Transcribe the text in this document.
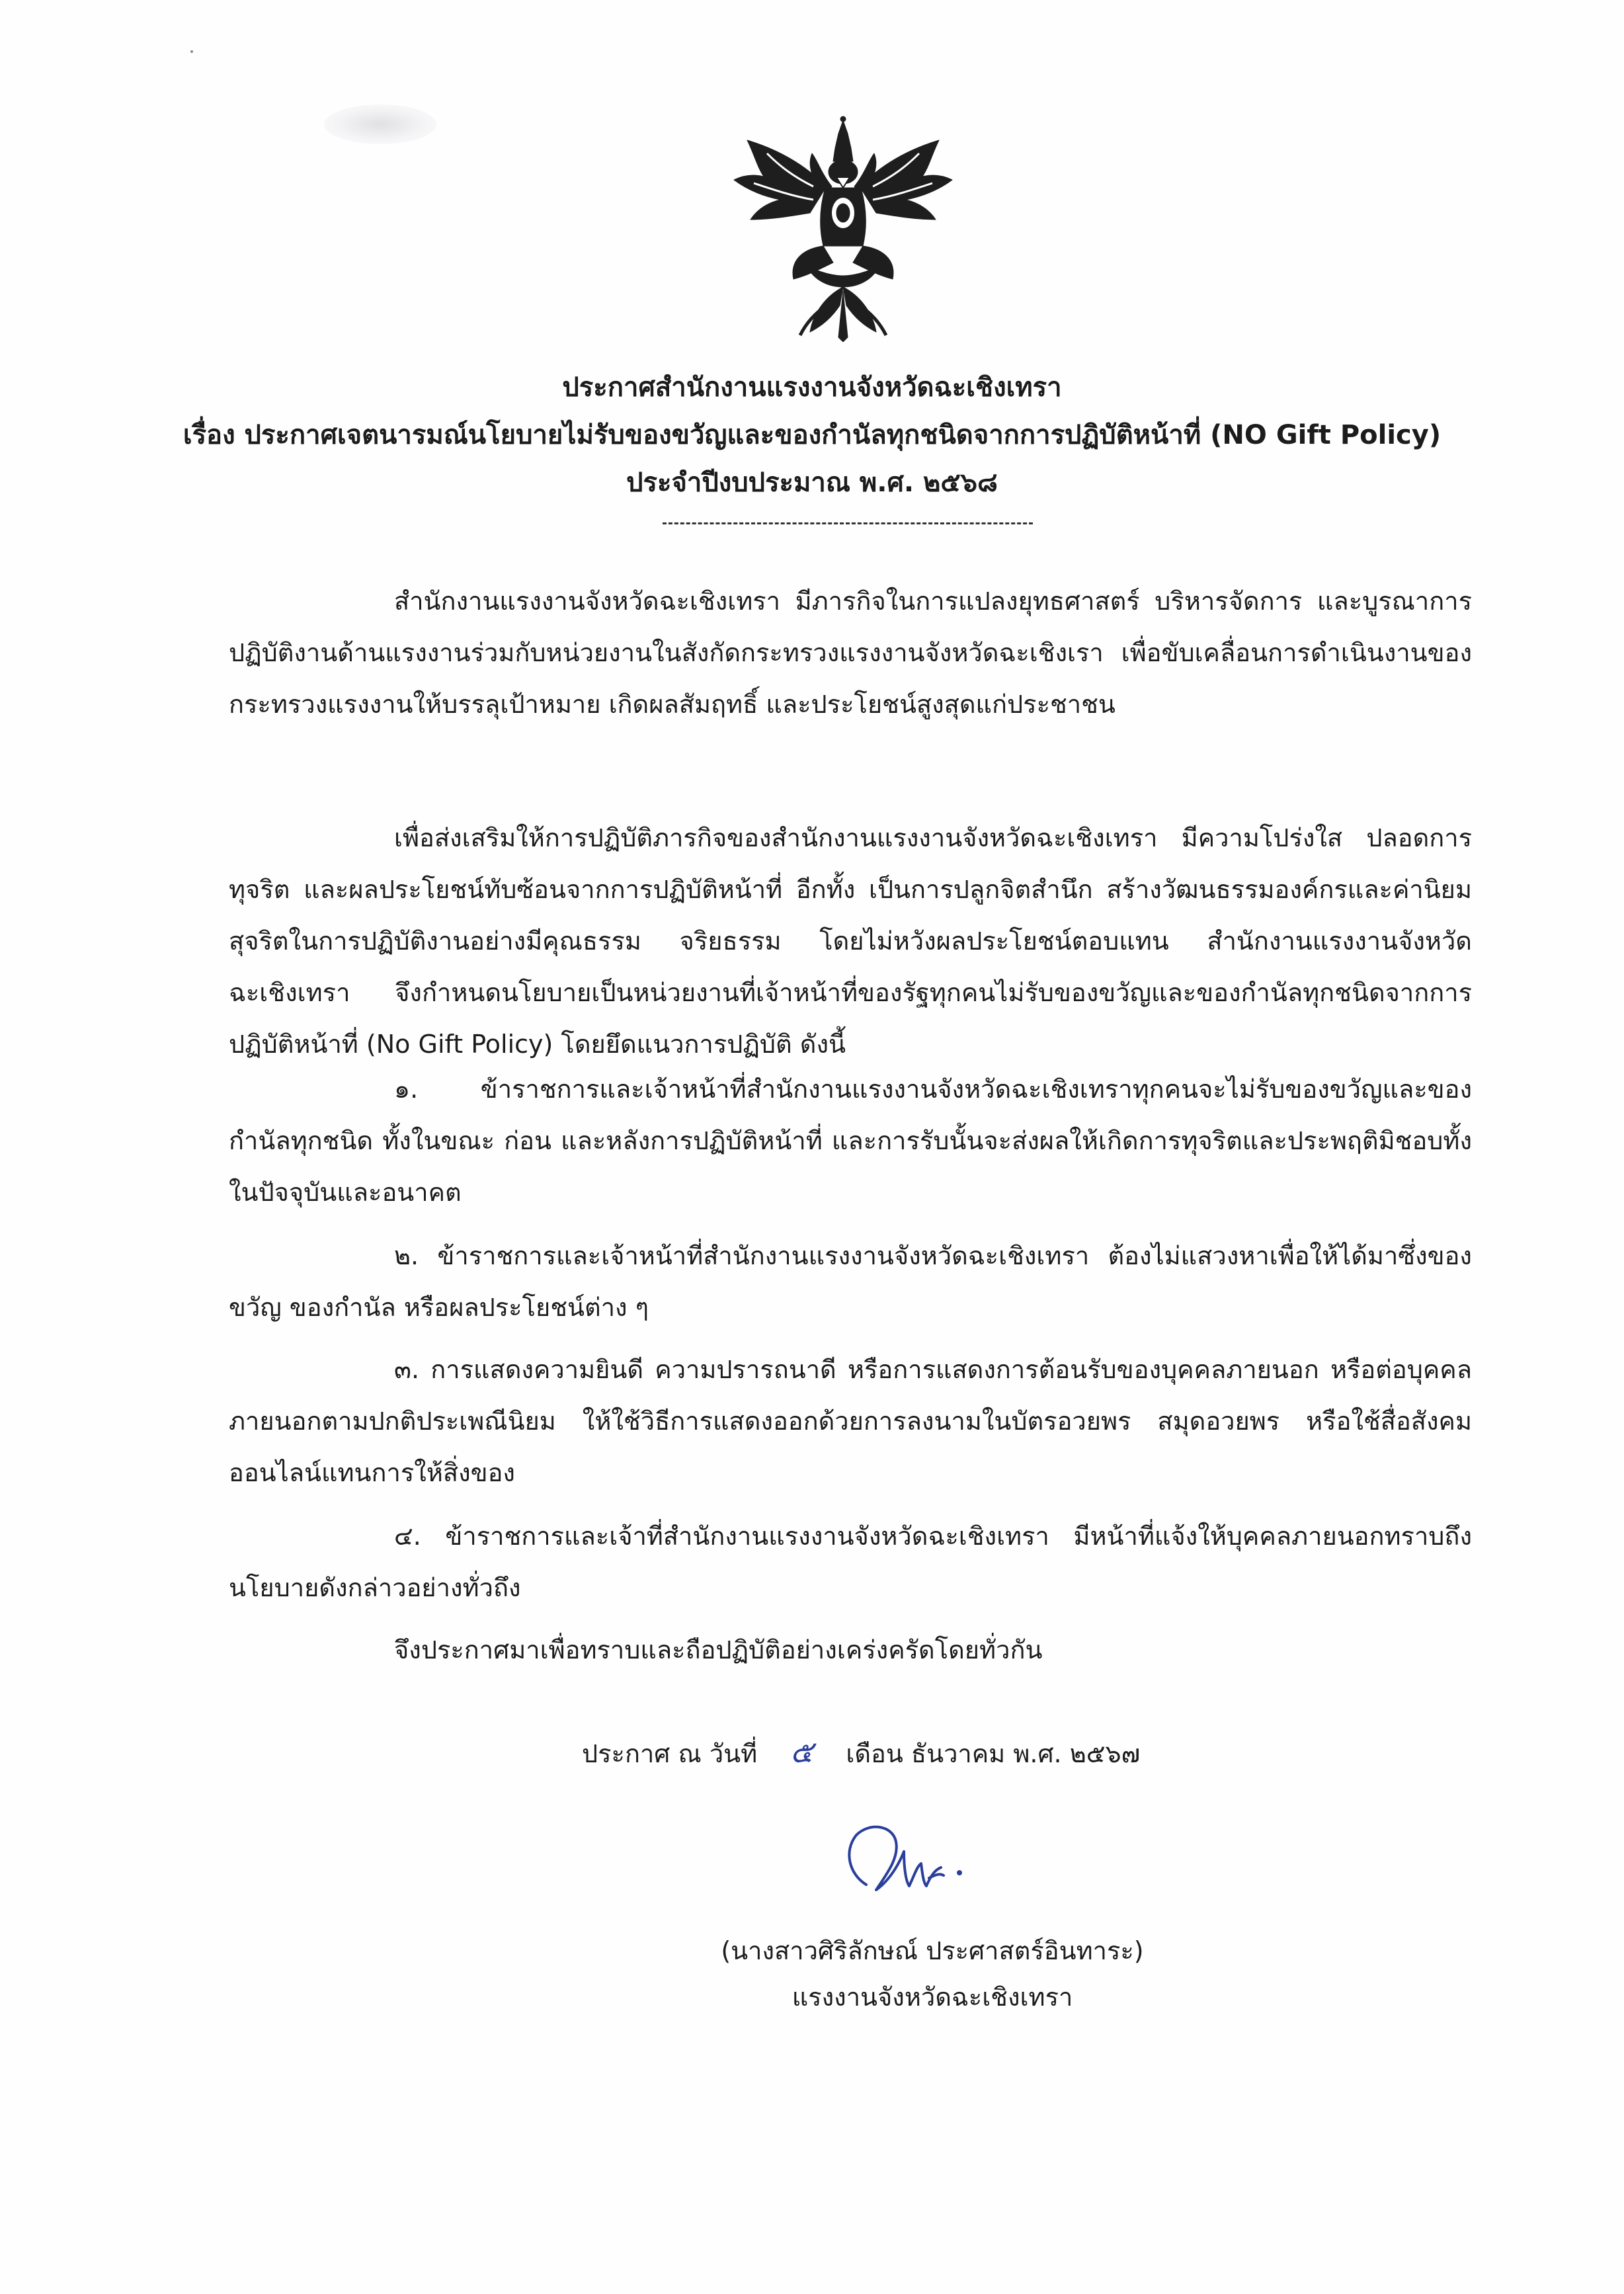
ประกาศสำนักงานแรงงานจังหวัดฉะเชิงเทรา
เรื่อง ประกาศเจตนารมณ์นโยบายไม่รับของขวัญและของกำนัลทุกชนิดจากการปฏิบัติหน้าที่ (NO Gift Policy)
ประจำปีงบประมาณ พ.ศ. ๒๕๖๘
สำนักงานแรงงานจังหวัดฉะเชิงเทรา มีภารกิจในการแปลงยุทธศาสตร์ บริหารจัดการ และบูรณาการ ปฏิบัติงานด้านแรงงานร่วมกับหน่วยงานในสังกัดกระทรวงแรงงานจังหวัดฉะเชิงเรา เพื่อขับเคลื่อนการดำเนินงานของกระทรวงแรงงานให้บรรลุเป้าหมาย เกิดผลสัมฤทธิ์ และประโยชน์สูงสุดแก่ประชาชน
เพื่อส่งเสริมให้การปฏิบัติภารกิจของสำนักงานแรงงานจังหวัดฉะเชิงเทรา มีความโปร่งใส ปลอดการทุจริต และผลประโยชน์ทับซ้อนจากการปฏิบัติหน้าที่ อีกทั้ง เป็นการปลูกจิตสำนึก สร้างวัฒนธรรมองค์กรและค่านิยมสุจริตในการปฏิบัติงานอย่างมีคุณธรรม จริยธรรม โดยไม่หวังผลประโยชน์ตอบแทน สำนักงานแรงงานจังหวัดฉะเชิงเทรา จึงกำหนดนโยบายเป็นหน่วยงานที่เจ้าหน้าที่ของรัฐทุกคนไม่รับของขวัญและของกำนัลทุกชนิดจากการปฏิบัติหน้าที่ (No Gift Policy) โดยยึดแนวการปฏิบัติ ดังนี้
๑. ข้าราชการและเจ้าหน้าที่สำนักงานแรงงานจังหวัดฉะเชิงเทราทุกคนจะไม่รับของขวัญและของกำนัลทุกชนิด ทั้งในขณะ ก่อน และหลังการปฏิบัติหน้าที่ และการรับนั้นจะส่งผลให้เกิดการทุจริตและประพฤติมิชอบทั้งในปัจจุบันและอนาคต
๒. ข้าราชการและเจ้าหน้าที่สำนักงานแรงงานจังหวัดฉะเชิงเทรา ต้องไม่แสวงหาเพื่อให้ได้มาซึ่งของขวัญ ของกำนัล หรือผลประโยชน์ต่าง ๆ
๓. การแสดงความยินดี ความปรารถนาดี หรือการแสดงการต้อนรับของบุคคลภายนอก หรือต่อบุคคลภายนอกตามปกติประเพณีนิยม ให้ใช้วิธีการแสดงออกด้วยการลงนามในบัตรอวยพร สมุดอวยพร หรือใช้สื่อสังคมออนไลน์แทนการให้สิ่งของ
๔. ข้าราชการและเจ้าที่สำนักงานแรงงานจังหวัดฉะเชิงเทรา มีหน้าที่แจ้งให้บุคคลภายนอกทราบถึงนโยบายดังกล่าวอย่างทั่วถึง
จึงประกาศมาเพื่อทราบและถือปฏิบัติอย่างเคร่งครัดโดยทั่วกัน
ประกาศ ณ วันที่ ๕ เดือน ธันวาคม พ.ศ. ๒๕๖๗
(นางสาวศิริลักษณ์ ประศาสตร์อินทาระ)
แรงงานจังหวัดฉะเชิงเทรา
